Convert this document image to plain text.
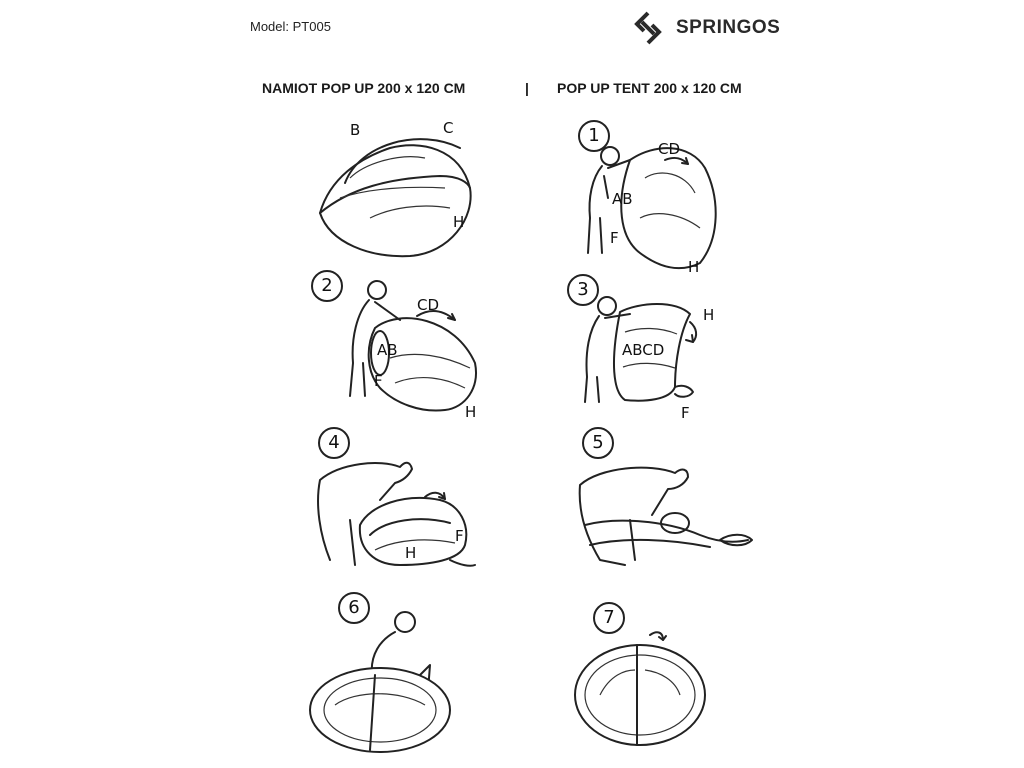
Model: PT005	SPRINGOS
NAMIOT POP UP 200 x 120 CM	| POP UP TENT 200 x 120 CM
B	C
H
1
CD
AB
F
H
2
CD
AB
F
H
3
H
ABCD
F
4
F
H
5
6	7
